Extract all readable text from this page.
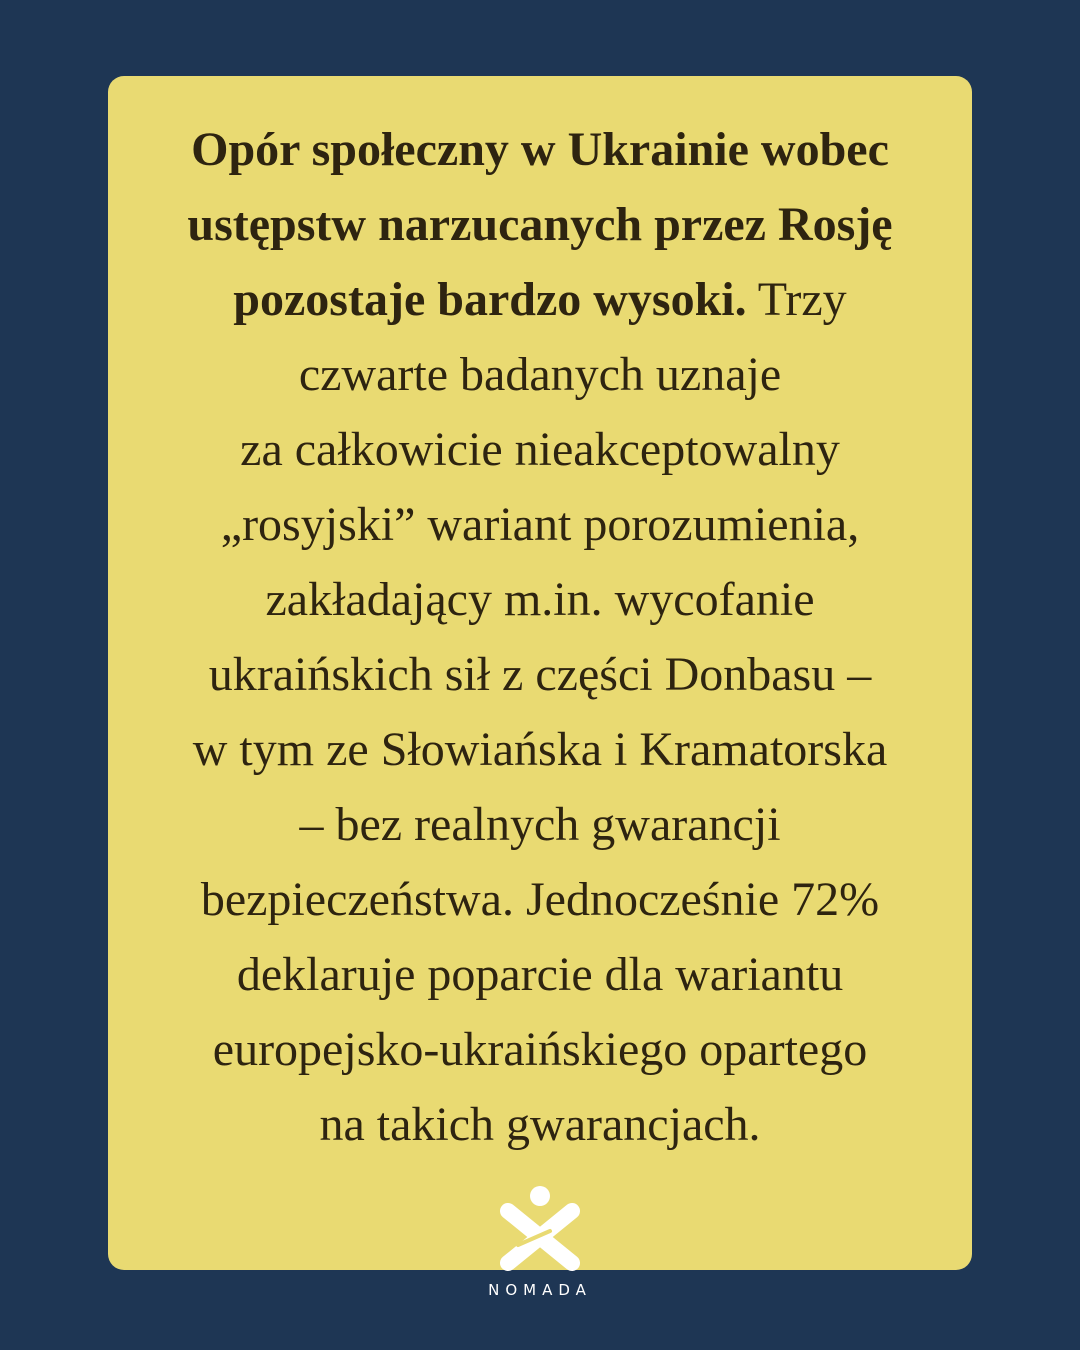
Opór społeczny w Ukrainie wobec
ustępstw narzucanych przez Rosję
pozostaje bardzo wysoki. Trzy
czwarte badanych uznaje
za całkowicie nieakceptowalny
„rosyjski” wariant porozumienia,
zakładający m.in. wycofanie
ukraińskich sił z części Donbasu –
w tym ze Słowiańska i Kramatorska
– bez realnych gwarancji
bezpieczeństwa. Jednocześnie 72%
deklaruje poparcie dla wariantu
europejsko-ukraińskiego opartego
na takich gwarancjach.
NOMADA
